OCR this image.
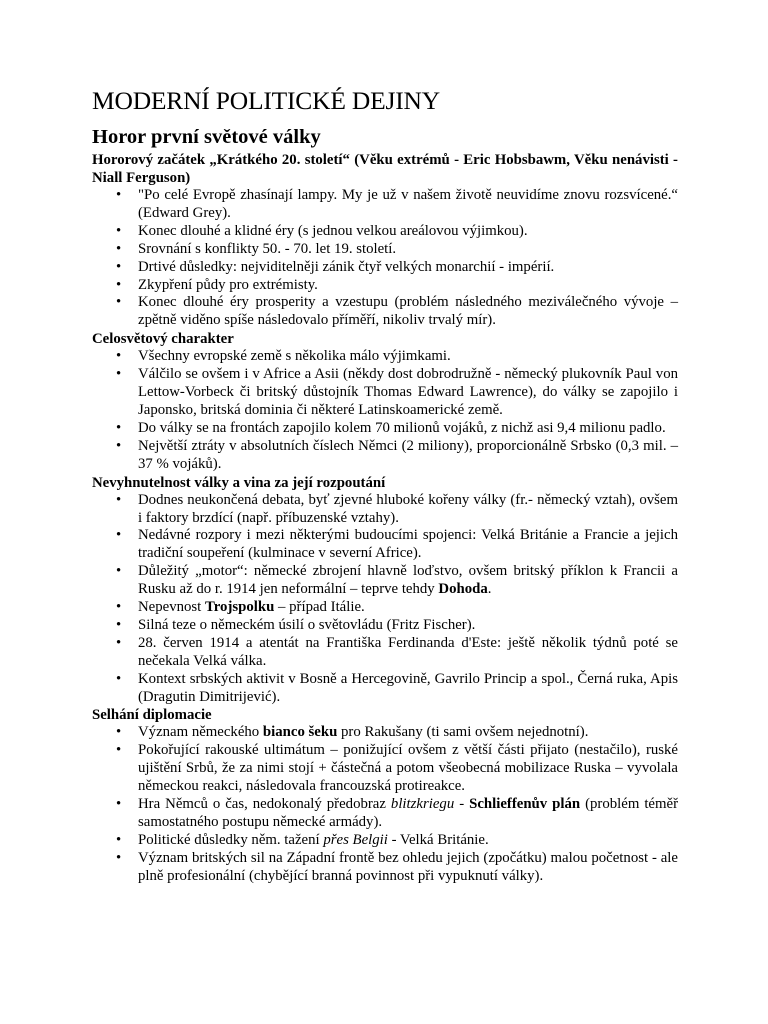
MODERNÍ POLITICKÉ DEJINY
Horor první světové války

Hororový začátek „Krátkého 20. století“ (Věku extrémů - Eric Hobsbawm, Věku nenávisti - Niall Ferguson)

• "Po celé Evropě zhasínají lampy. My je už v našem životě neuvidíme znovu rozsvícené.“ (Edward Grey).
• Konec dlouhé a klidné éry (s jednou velkou areálovou výjimkou).
• Srovnání s konflikty 50. - 70. let 19. století.
• Drtivé důsledky: nejviditelněji zánik čtyř velkých monarchií - impérií.
• Zkypření půdy pro extrémisty.
• Konec dlouhé éry prosperity a vzestupu (problém následného meziválečného vývoje – zpětně viděno spíše následovalo příměří, nikoliv trvalý mír).

Celosvětový charakter

• Všechny evropské země s několika málo výjimkami.
• Válčilo se ovšem i v Africe a Asii (někdy dost dobrodružně - německý plukovník Paul von Lettow-Vorbeck či britský důstojník Thomas Edward Lawrence), do války se zapojilo i Japonsko, britská dominia či některé Latinskoamerické země.
• Do války se na frontách zapojilo kolem 70 milionů vojáků, z nichž asi 9,4 milionu padlo.
• Největší ztráty v absolutních číslech Němci (2 miliony), proporcionálně Srbsko (0,3 mil. – 37 % vojáků).

Nevyhnutelnost války a vina za její rozpoutání

• Dodnes neukončená debata, byť zjevné hluboké kořeny války (fr.- německý vztah), ovšem i faktory brzdící (např. příbuzenské vztahy).
• Nedávné rozpory i mezi některými budoucími spojenci: Velká Británie a Francie a jejich tradiční soupeření (kulminace v severní Africe).
• Důležitý „motor“: německé zbrojení hlavně loďstvo, ovšem britský příklon k Francii a Rusku až do r. 1914 jen neformální – teprve tehdy Dohoda.
• Nepevnost Trojspolku – případ Itálie.
• Silná teze o německém úsilí o světovládu (Fritz Fischer).
• 28. červen 1914 a atentát na Františka Ferdinanda d'Este: ještě několik týdnů poté se nečekala Velká válka.
• Kontext srbských aktivit v Bosně a Hercegovině, Gavrilo Princip a spol., Černá ruka, Apis (Dragutin Dimitrijević).

Selhání diplomacie

• Význam německého bianco šeku pro Rakušany (ti sami ovšem nejednotní).
• Pokořující rakouské ultimátum – ponižující ovšem z větší části přijato (nestačilo), ruské ujištění Srbů, že za nimi stojí + částečná a potom všeobecná mobilizace Ruska – vyvolala německou reakci, následovala francouzská protireakce.
• Hra Němců o čas, nedokonalý předobraz blitzkriegu - Schlieffenův plán (problém téměř samostatného postupu německé armády).
• Politické důsledky něm. tažení přes Belgii - Velká Británie.
• Význam britských sil na Západní frontě bez ohledu jejich (zpočátku) malou početnost - ale plně profesionální (chybějící branná povinnost při vypuknutí války).
